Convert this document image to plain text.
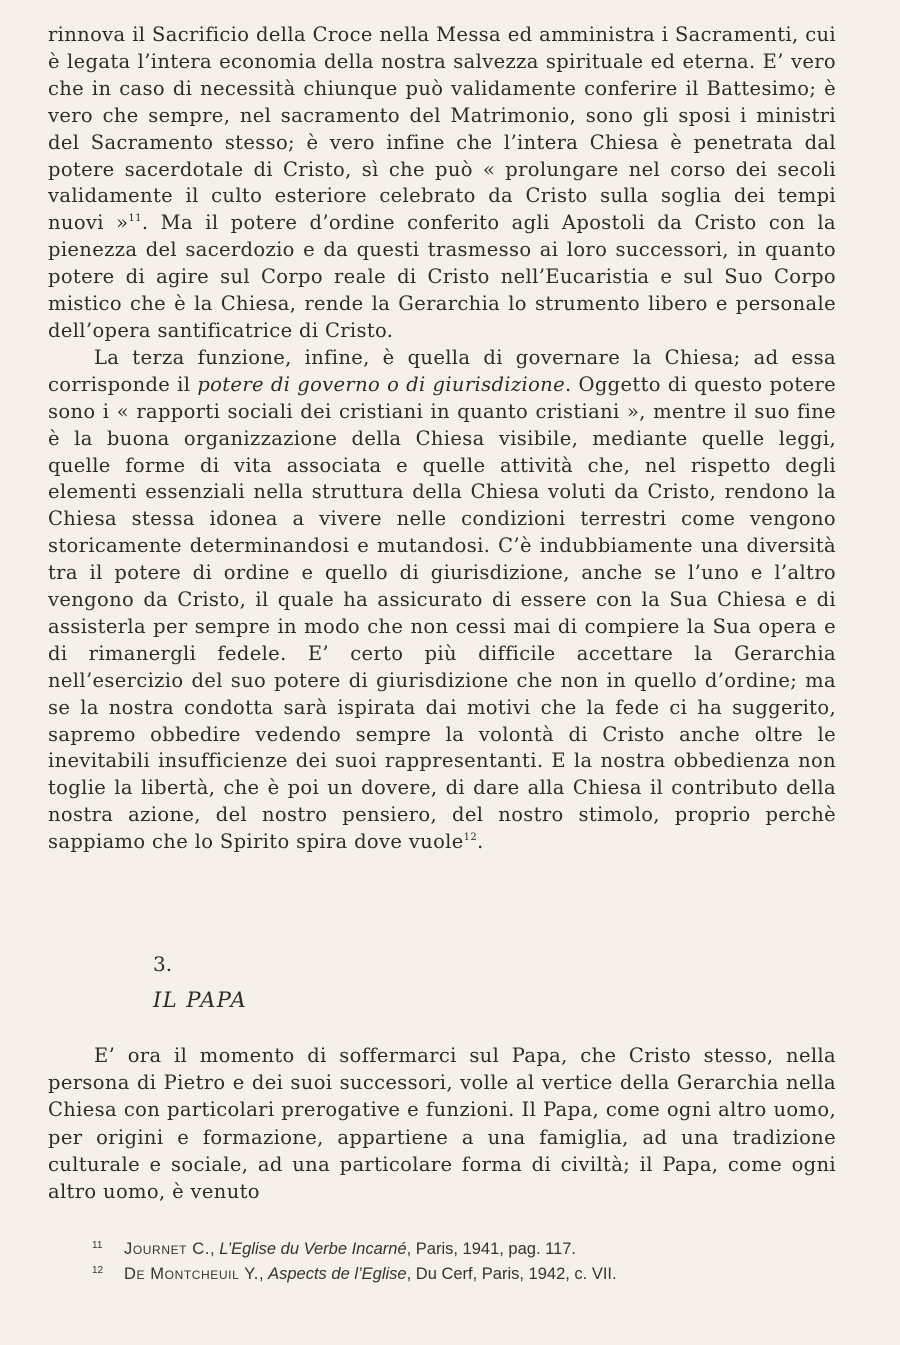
rinnova il Sacrificio della Croce nella Messa ed amministra i Sacramenti, cui è legata l’intera economia della nostra salvezza spirituale ed eterna. E’ vero che in caso di necessità chiunque può validamente conferire il Battesimo; è vero che sempre, nel sacramento del Matrimonio, sono gli sposi i ministri del Sacramento stesso; è vero infine che l’intera Chiesa è penetrata dal potere sacerdotale di Cristo, sì che può « prolungare nel corso dei secoli validamente il culto esteriore celebrato da Cristo sulla soglia dei tempi nuovi »$^{11}$. Ma il potere d’ordine conferito agli Apostoli da Cristo con la pienezza del sacerdozio e da questi trasmesso ai loro successori, in quanto potere di agire sul Corpo reale di Cristo nell’Eucaristia e sul Suo Corpo mistico che è la Chiesa, rende la Gerarchia lo strumento libero e personale dell’opera santificatrice di Cristo.

La terza funzione, infine, è quella di governare la Chiesa; ad essa corrisponde il potere di governo o di giurisdizione. Oggetto di questo potere sono i « rapporti sociali dei cristiani in quanto cristiani », mentre il suo fine è la buona organizzazione della Chiesa visibile, mediante quelle leggi, quelle forme di vita associata e quelle attività che, nel rispetto degli elementi essenziali nella struttura della Chiesa voluti da Cristo, rendono la Chiesa stessa idonea a vivere nelle condizioni terrestri come vengono storicamente determinandosi e mutandosi. C’è indubbiamente una diversità tra il potere di ordine e quello di giurisdizione, anche se l’uno e l’altro vengono da Cristo, il quale ha assicurato di essere con la Sua Chiesa e di assisterla per sempre in modo che non cessi mai di compiere la Sua opera e di rimanergli fedele. E’ certo più difficile accettare la Gerarchia nell’esercizio del suo potere di giurisdizione che non in quello d’ordine; ma se la nostra condotta sarà ispirata dai motivi che la fede ci ha suggerito, sapremo obbedire vedendo sempre la volontà di Cristo anche oltre le inevitabili insufficienze dei suoi rappresentanti. E la nostra obbedienza non toglie la libertà, che è poi un dovere, di dare alla Chiesa il contributo della nostra azione, del nostro pensiero, del nostro stimolo, proprio perchè sappiamo che lo Spirito spira dove vuole$^{12}$.

3.
IL PAPA

E’ ora il momento di soffermarci sul Papa, che Cristo stesso, nella persona di Pietro e dei suoi successori, volle al vertice della Gerarchia nella Chiesa con particolari prerogative e funzioni. Il Papa, come ogni altro uomo, per origini e formazione, appartiene a una famiglia, ad una tradizione culturale e sociale, ad una particolare forma di civiltà; il Papa, come ogni altro uomo, è venuto

11	Journet C., L’Eglise du Verbe Incarné, Paris, 1941, pag. 117.
12	De Montcheuil Y., Aspects de l’Eglise, Du Cerf, Paris, 1942, c. VII.
